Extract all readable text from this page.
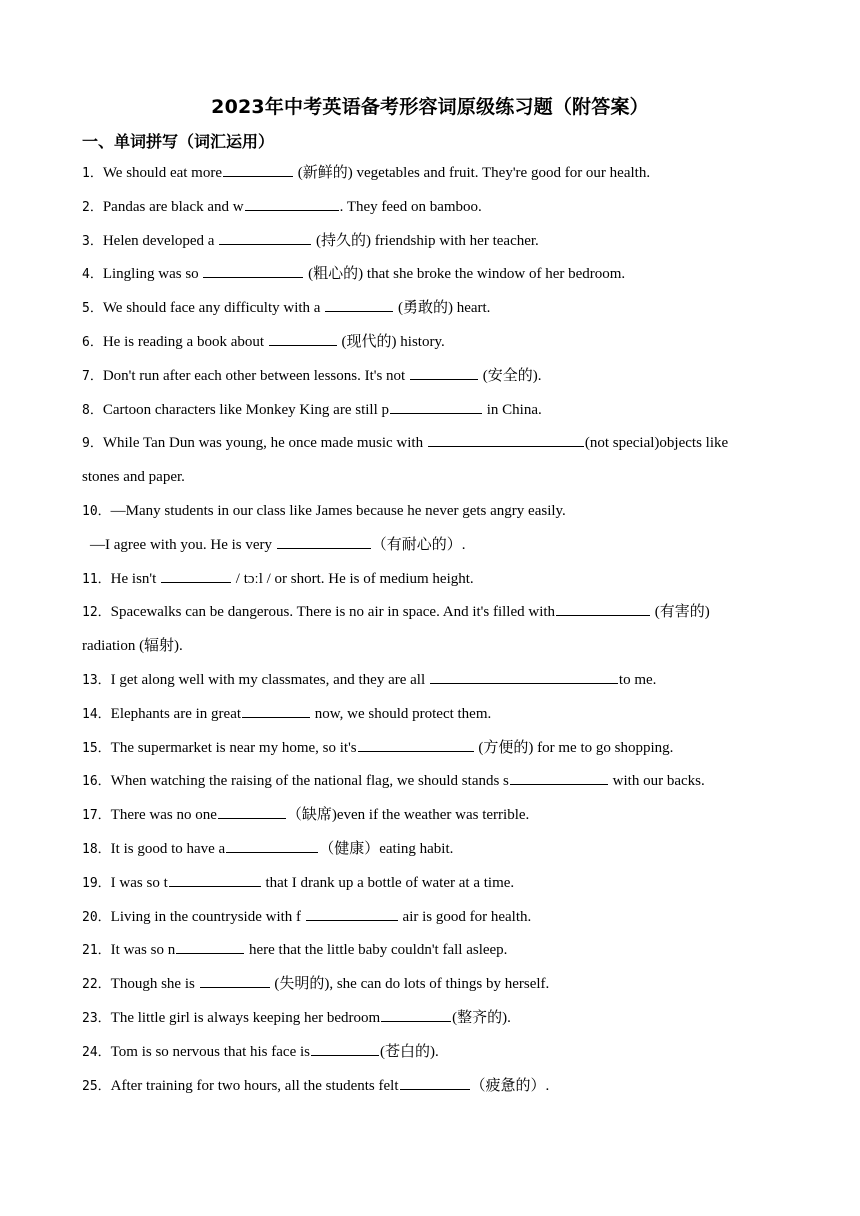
2023年中考英语备考形容词原级练习题（附答案）
一、单词拼写（词汇运用）
1．We should eat more	(新鲜的) vegetables and fruit. They're good for our health.
2．Pandas are black and w	. They feed on bamboo.
3．Helen developed a	(持久的) friendship with her teacher.
4．Lingling was so	(粗心的) that she broke the window of her bedroom.
5．We should face any difficulty with a	(勇敢的) heart.
6．He is reading a book about	(现代的) history.
7．Don't run after each other between lessons. It's not	(安全的).
8．Cartoon characters like Monkey King are still p	in China.
9．While Tan Dun was young, he once made music with	(not special)objects like
stones and paper.
10．—Many students in our class like James because he never gets angry easily.
—I agree with you. He is very	（有耐心的）.
11．He isn't	/ tɔːl / or short. He is of medium height.
12．Spacewalks can be dangerous. There is no air in space. And it's filled with	(有害的)
radiation (辐射).
13．I get along well with my classmates, and they are all	to me.
14．Elephants are in great	now, we should protect them.
15．The supermarket is near my home, so it's	(方便的) for me to go shopping.
16．When watching the raising of the national flag, we should stands s	with our backs.
17．There was no one	（缺席)even if the weather was terrible.
18．It is good to have a	（健康）eating habit.
19．I was so t	that I drank up a bottle of water at a time.
20．Living in the countryside with f	air is good for health.
21．It was so n	here that the little baby couldn't fall asleep.
22．Though she is	(失明的), she can do lots of things by herself.
23．The little girl is always keeping her bedroom	(整齐的).
24．Tom is so nervous that his face is	(苍白的).
25．After training for two hours, all the students felt	（疲惫的）.
